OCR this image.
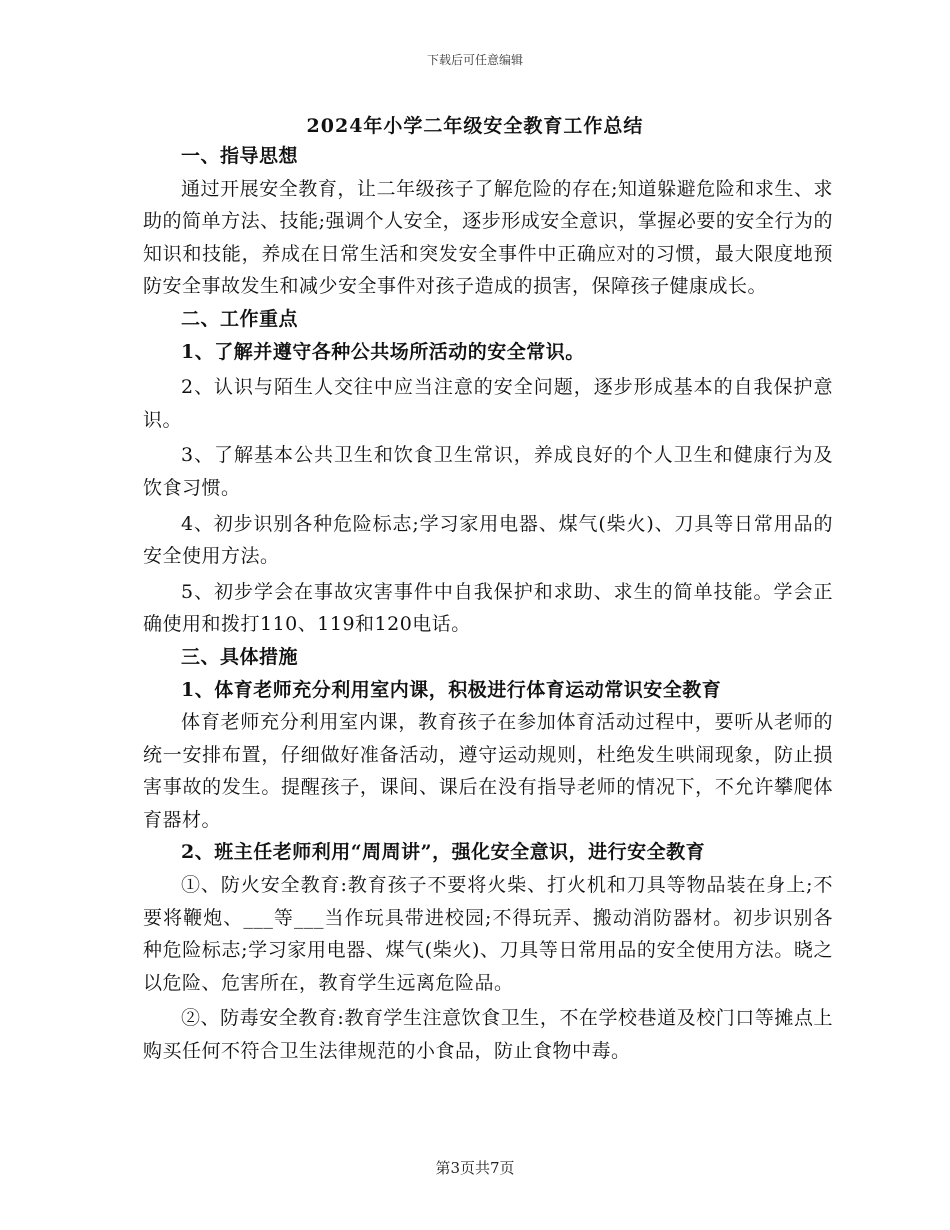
下载后可任意编辑
2024年小学二年级安全教育工作总结

一、指导思想

通过开展安全教育，让二年级孩子了解危险的存在;知道躲避危险和求生、求助的简单方法、技能;强调个人安全，逐步形成安全意识，掌握必要的安全行为的知识和技能，养成在日常生活和突发安全事件中正确应对的习惯，最大限度地预防安全事故发生和减少安全事件对孩子造成的损害，保障孩子健康成长。

二、工作重点

1、了解并遵守各种公共场所活动的安全常识。

2、认识与陌生人交往中应当注意的安全问题，逐步形成基本的自我保护意识。

3、了解基本公共卫生和饮食卫生常识，养成良好的个人卫生和健康行为及饮食习惯。

4、初步识别各种危险标志;学习家用电器、煤气(柴火)、刀具等日常用品的安全使用方法。

5、初步学会在事故灾害事件中自我保护和求助、求生的简单技能。学会正确使用和拨打110、119和120电话。

三、具体措施

1、体育老师充分利用室内课，积极进行体育运动常识安全教育

体育老师充分利用室内课，教育孩子在参加体育活动过程中，要听从老师的统一安排布置，仔细做好准备活动，遵守运动规则，杜绝发生哄闹现象，防止损害事故的发生。提醒孩子，课间、课后在没有指导老师的情况下，不允许攀爬体育器材。

2、班主任老师利用“周周讲”，强化安全意识，进行安全教育

①、防火安全教育:教育孩子不要将火柴、打火机和刀具等物品装在身上;不要将鞭炮、___等___当作玩具带进校园;不得玩弄、搬动消防器材。初步识别各种危险标志;学习家用电器、煤气(柴火)、刀具等日常用品的安全使用方法。晓之以危险、危害所在，教育学生远离危险品。

②、防毒安全教育:教育学生注意饮食卫生，不在学校巷道及校门口等摊点上购买任何不符合卫生法律规范的小食品，防止食物中毒。

第3页共7页
